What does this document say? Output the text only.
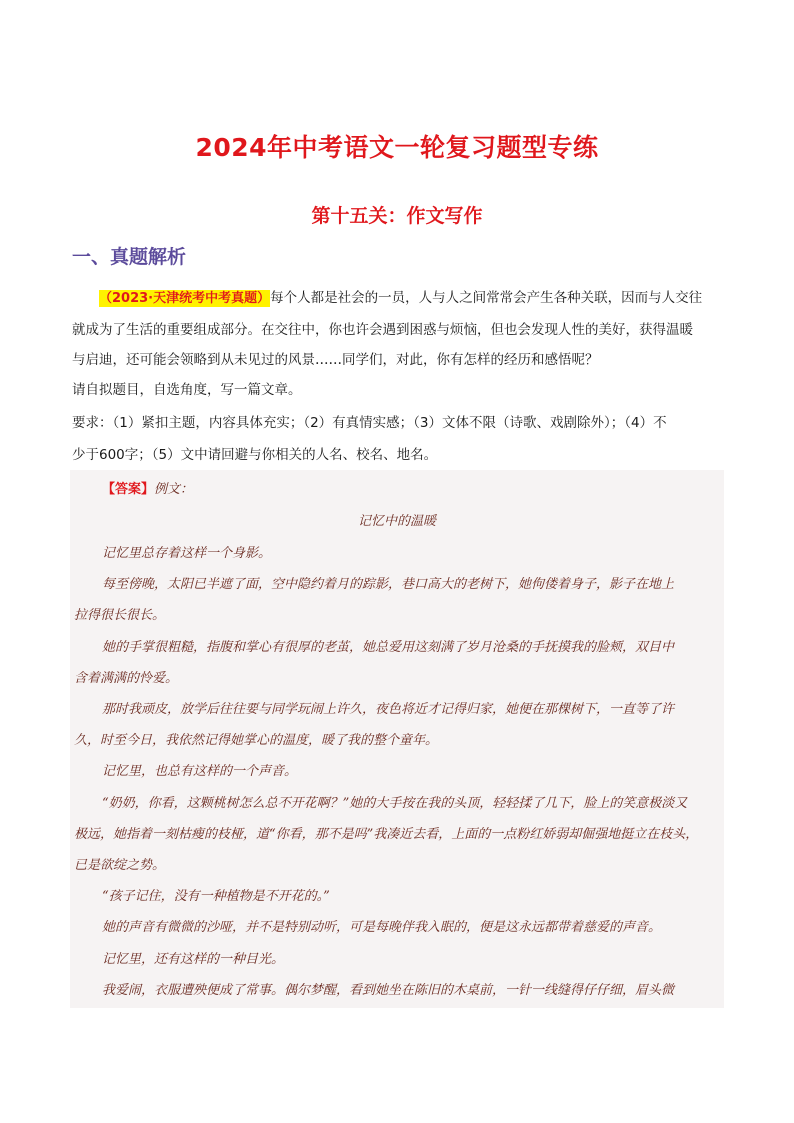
2024年中考语文一轮复习题型专练
第十五关：作文写作
一、真题解析
（2023·天津统考中考真题）每个人都是社会的一员，人与人之间常常会产生各种关联，因而与人交往
就成为了生活的重要组成部分。在交往中，你也许会遇到困惑与烦恼，但也会发现人性的美好，获得温暖
与启迪，还可能会领略到从未见过的风景……同学们，对此，你有怎样的经历和感悟呢？
请自拟题目，自选角度，写一篇文章。
要求：（1）紧扣主题，内容具体充实；（2）有真情实感；（3）文体不限（诗歌、戏剧除外）；（4）不
少于600字；（5）文中请回避与你相关的人名、校名、地名。
【答案】例文：
记忆中的温暖
记忆里总存着这样一个身影。
每至傍晚，太阳已半遮了面，空中隐约着月的踪影，巷口高大的老树下，她佝偻着身子，影子在地上
拉得很长很长。
她的手掌很粗糙，指腹和掌心有很厚的老茧，她总爱用这刻满了岁月沧桑的手抚摸我的脸颊，双目中
含着满满的怜爱。
那时我顽皮，放学后往往要与同学玩闹上许久，夜色将近才记得归家，她便在那棵树下，一直等了许
久，时至今日，我依然记得她掌心的温度，暖了我的整个童年。
记忆里，也总有这样的一个声音。
“奶奶，你看，这颗桃树怎么总不开花啊？”她的大手按在我的头顶，轻轻揉了几下，脸上的笑意极淡又
极远，她指着一刻枯瘦的枝桠，道“你看，那不是吗”我凑近去看，上面的一点粉红娇弱却倔强地挺立在枝头，
已是欲绽之势。
“孩子记住，没有一种植物是不开花的。”
她的声音有微微的沙哑，并不是特别动听，可是每晚伴我入眠的，便是这永远都带着慈爱的声音。
记忆里，还有这样的一种目光。
我爱闹，衣服遭殃便成了常事。偶尔梦醒，看到她坐在陈旧的木桌前，一针一线缝得仔仔细，眉头微
